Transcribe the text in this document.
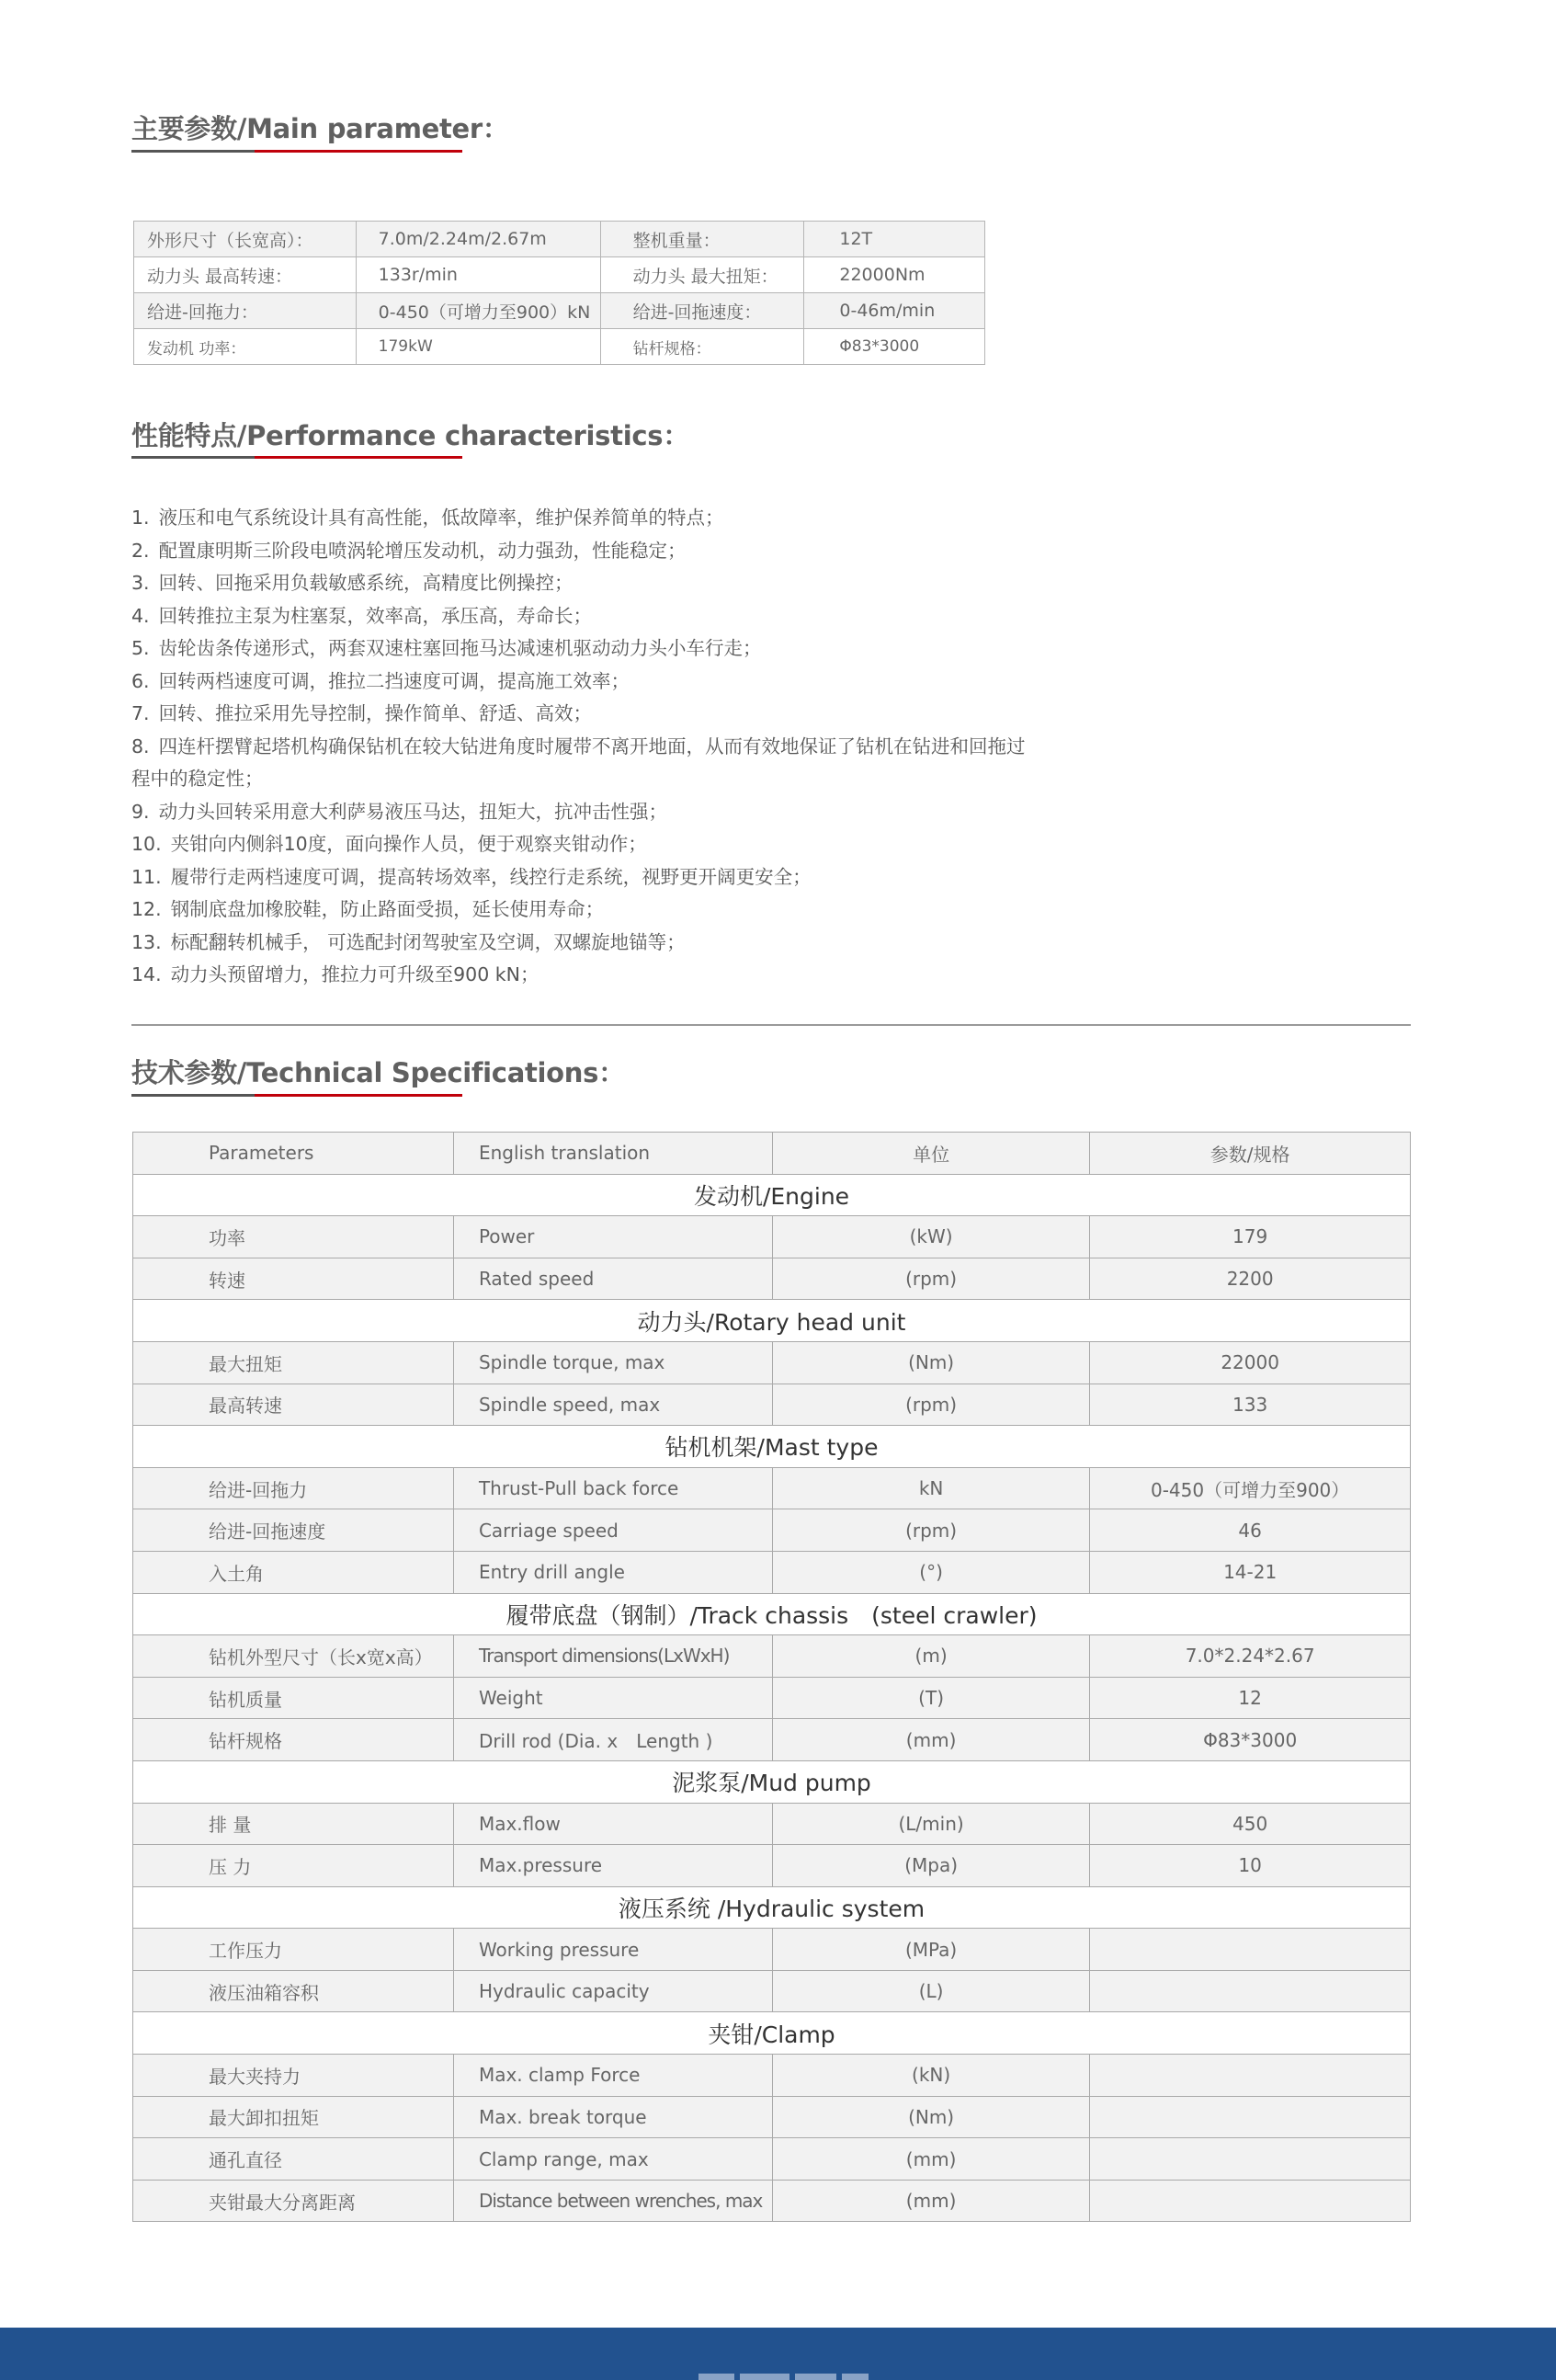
主要参数/Main parameter：
外形尺寸（长宽高）：	7.0m/2.24m/2.67m	整机重量：	12T
动力头 最高转速：	133r/min	动力头 最大扭矩：	22000Nm
给进-回拖力：	0-450（可增力至900）kN	给进-回拖速度：	0-46m/min
发动机 功率：	179kW	钻杆规格：	Φ83*3000
性能特点/Performance characteristics：
1. 液压和电气系统设计具有高性能，低故障率，维护保养简单的特点；
2. 配置康明斯三阶段电喷涡轮增压发动机，动力强劲，性能稳定；
3. 回转、回拖采用负载敏感系统，高精度比例操控；
4. 回转推拉主泵为柱塞泵，效率高，承压高，寿命长；
5. 齿轮齿条传递形式，两套双速柱塞回拖马达减速机驱动动力头小车行走；
6. 回转两档速度可调，推拉二挡速度可调，提高施工效率；
7. 回转、推拉采用先导控制，操作简单、舒适、高效；
8. 四连杆摆臂起塔机构确保钻机在较大钻进角度时履带不离开地面，从而有效地保证了钻机在钻进和回拖过程中的稳定性；
9. 动力头回转采用意大利萨易液压马达，扭矩大，抗冲击性强；
10. 夹钳向内侧斜10度，面向操作人员，便于观察夹钳动作；
11. 履带行走两档速度可调，提高转场效率，线控行走系统，视野更开阔更安全；
12. 钢制底盘加橡胶鞋，防止路面受损，延长使用寿命；
13. 标配翻转机械手， 可选配封闭驾驶室及空调，双螺旋地锚等；
14. 动力头预留增力，推拉力可升级至900 kN；
技术参数/Technical Specifications：
Parameters	English translation	单位	参数/规格
发动机/Engine			
功率	Power	(kW)	179
转速	Rated speed	(rpm)	2200
动力头/Rotary head unit			
最大扭矩	Spindle torque, max	(Nm)	22000
最高转速	Spindle speed, max	(rpm)	133
钻机机架/Mast type			
给进-回拖力	Thrust-Pull back force	kN	0-450（可增力至900）
给进-回拖速度	Carriage speed	(rpm)	46
入土角	Entry drill angle	(°)	14-21
履带底盘（钢制）/Track chassis　(steel crawler)			
钻机外型尺寸（长x宽x高）	Transport dimensions(LxWxH)	(m)	7.0*2.24*2.67
钻机质量	Weight	(T)	12
钻杆规格	Drill rod (Dia. x　Length )	(mm)	Φ83*3000
泥浆泵/Mud pump			
排 量	Max.flow	(L/min)	450
压 力	Max.pressure	(Mpa)	10
液压系统 /Hydraulic system			
工作压力	Working pressure	(MPa)	
液压油箱容积	Hydraulic capacity	(L)	
夹钳/Clamp			
最大夹持力	Max. clamp Force	(kN)	
最大卸扣扭矩	Max. break torque	(Nm)	
通孔直径	Clamp range, max	(mm)	
夹钳最大分离距离	Distance between wrenches, max	(mm)	
